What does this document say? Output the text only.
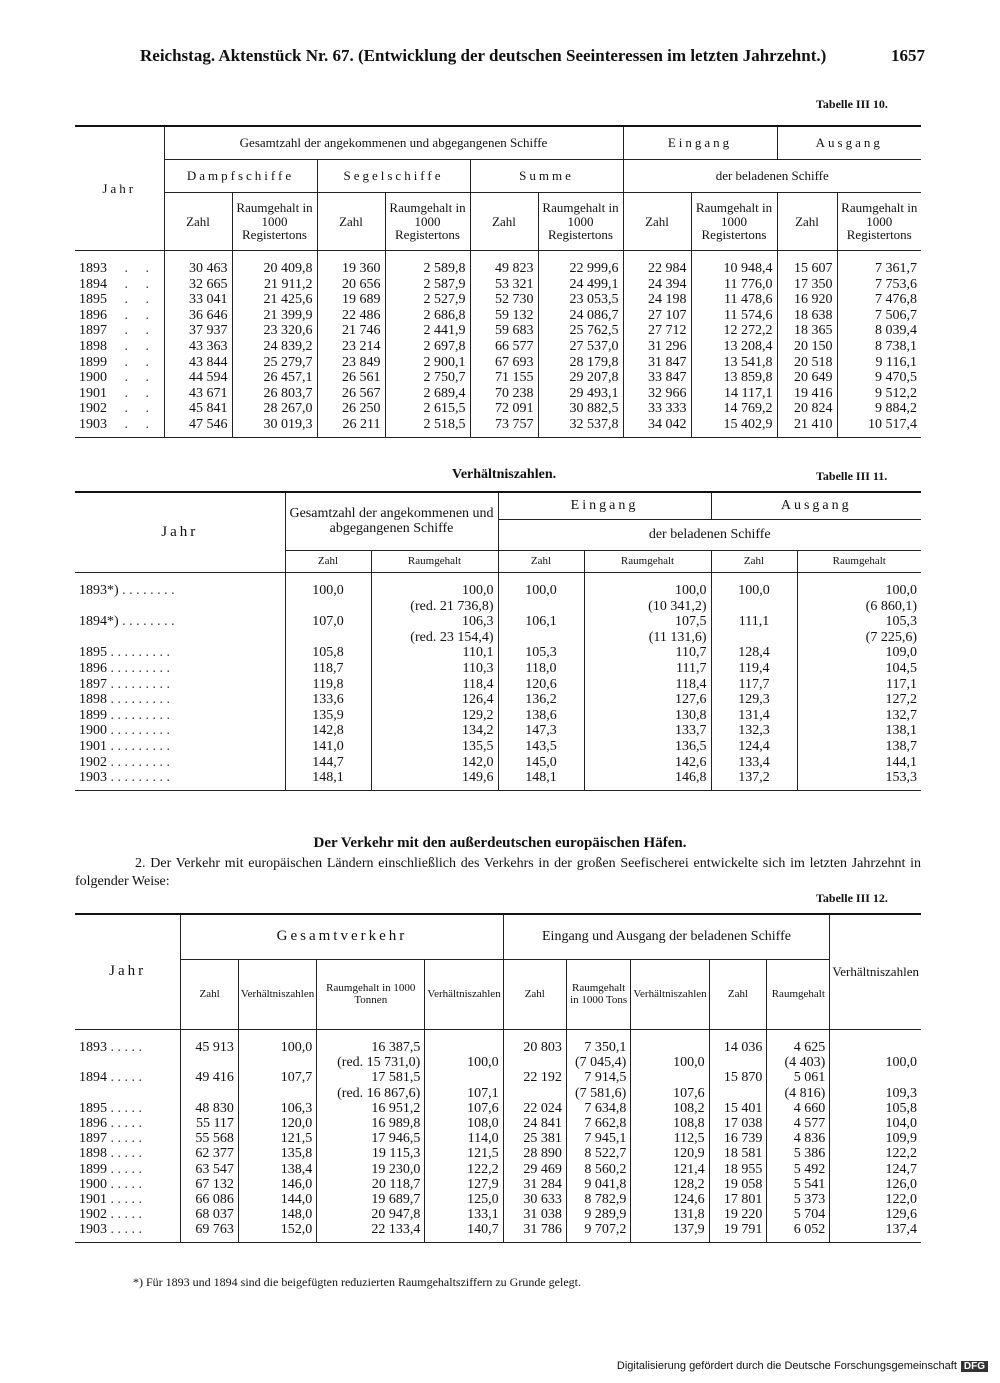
Reichstag. Aktenstück Nr. 67. (Entwicklung der deutschen Seeinteressen im letzten Jahrzehnt.)	1657
Tabelle III 10.
Jahr	Gesamtzahl der angekommenen und abgegangenen Schiffe						Eingang		Ausgang	
	Dampfschiffe		Segelschiffe		Summe		der beladenen Schiffe			
	Zahl	Raumgehalt in 1000 Registertons	Zahl	Raumgehalt in 1000 Registertons	Zahl	Raumgehalt in 1000 Registertons	Zahl	Raumgehalt in 1000 Registertons	Zahl	Raumgehalt in 1000 Registertons

1893  .  .	30 463	20 409,8	19 360	2 589,8	49 823	22 999,6	22 984	10 948,4	15 607	7 361,7
1894  .  .	32 665	21 911,2	20 656	2 587,9	53 321	24 499,1	24 394	11 776,0	17 350	7 753,6
1895  .  .	33 041	21 425,6	19 689	2 527,9	52 730	23 053,5	24 198	11 478,6	16 920	7 476,8
1896  .  .	36 646	21 399,9	22 486	2 686,8	59 132	24 086,7	27 107	11 574,6	18 638	7 506,7
1897  .  .	37 937	23 320,6	21 746	2 441,9	59 683	25 762,5	27 712	12 272,2	18 365	8 039,4
1898  .  .	43 363	24 839,2	23 214	2 697,8	66 577	27 537,0	31 296	13 208,4	20 150	8 738,1
1899  .  .	43 844	25 279,7	23 849	2 900,1	67 693	28 179,8	31 847	13 541,8	20 518	9 116,1
1900  .  .	44 594	26 457,1	26 561	2 750,7	71 155	29 207,8	33 847	13 859,8	20 649	9 470,5
1901  .  .	43 671	26 803,7	26 567	2 689,4	70 238	29 493,1	32 966	14 117,1	19 416	9 512,2
1902  .  .	45 841	28 267,0	26 250	2 615,5	72 091	30 882,5	33 333	14 769,2	20 824	9 884,2
1903  .  .	47 546	30 019,3	26 211	2 518,5	73 757	32 537,8	34 042	15 402,9	21 410	10 517,4

Verhältniszahlen.	Tabelle III 11.
Jahr	Gesamtzahl der angekommenen und abgegangenen Schiffe		Eingang		Ausgang	
			der beladenen Schiffe			
	Zahl	Raumgehalt	Zahl	Raumgehalt	Zahl	Raumgehalt

1893*) . . . . . . . .	100,0	100,0	100,0	100,0	100,0	100,0
		(red. 21 736,8)		(10 341,2)		(6 860,1)
1894*) . . . . . . . .	107,0	106,3	106,1	107,5	111,1	105,3
		(red. 23 154,4)		(11 131,6)		(7 225,6)
1895 . . . . . . . . .	105,8	110,1	105,3	110,7	128,4	109,0
1896 . . . . . . . . .	118,7	110,3	118,0	111,7	119,4	104,5
1897 . . . . . . . . .	119,8	118,4	120,6	118,4	117,7	117,1
1898 . . . . . . . . .	133,6	126,4	136,2	127,6	129,3	127,2
1899 . . . . . . . . .	135,9	129,2	138,6	130,8	131,4	132,7
1900 . . . . . . . . .	142,8	134,2	147,3	133,7	132,3	138,1
1901 . . . . . . . . .	141,0	135,5	143,5	136,5	124,4	138,7
1902 . . . . . . . . .	144,7	142,0	145,0	142,6	133,4	144,1
1903 . . . . . . . . .	148,1	149,6	148,1	146,8	137,2	153,3

Der Verkehr mit den außerdeutschen europäischen Häfen.
2. Der Verkehr mit europäischen Ländern einschließlich des Verkehrs in der großen Seefischerei entwickelte sich im letzten Jahrzehnt in folgender Weise:
Tabelle III 12.
Jahr	Gesamtverkehr				Eingang und Ausgang der beladenen Schiffe					Verhältniszahlen
	Zahl	Verhältniszahlen	Raumgehalt in 1000 Tonnen	Verhältniszahlen	Zahl	Raumgehalt in 1000 Tons	Verhältniszahlen	Zahl	Raumgehalt	

1893 . . . . .	45 913	100,0	16 387,5		20 803	7 350,1		14 036	4 625	
			(red. 15 731,0)	100,0		(7 045,4)	100,0		(4 403)	100,0
1894 . . . . .	49 416	107,7	17 581,5		22 192	7 914,5		15 870	5 061	
			(red. 16 867,6)	107,1		(7 581,6)	107,6		(4 816)	109,3
1895 . . . . .	48 830	106,3	16 951,2	107,6	22 024	7 634,8	108,2	15 401	4 660	105,8
1896 . . . . .	55 117	120,0	16 989,8	108,0	24 841	7 662,8	108,8	17 038	4 577	104,0
1897 . . . . .	55 568	121,5	17 946,5	114,0	25 381	7 945,1	112,5	16 739	4 836	109,9
1898 . . . . .	62 377	135,8	19 115,3	121,5	28 890	8 522,7	120,9	18 581	5 386	122,2
1899 . . . . .	63 547	138,4	19 230,0	122,2	29 469	8 560,2	121,4	18 955	5 492	124,7
1900 . . . . .	67 132	146,0	20 118,7	127,9	31 284	9 041,8	128,2	19 058	5 541	126,0
1901 . . . . .	66 086	144,0	19 689,7	125,0	30 633	8 782,9	124,6	17 801	5 373	122,0
1902 . . . . .	68 037	148,0	20 947,8	133,1	31 038	9 289,9	131,8	19 220	5 704	129,6
1903 . . . . .	69 763	152,0	22 133,4	140,7	31 786	9 707,2	137,9	19 791	6 052	137,4

*) Für 1893 und 1894 sind die beigefügten reduzierten Raumgehaltsziffern zu Grunde gelegt.
Digitalisierung gefördert durch die Deutsche Forschungsgemeinschaft DFG
